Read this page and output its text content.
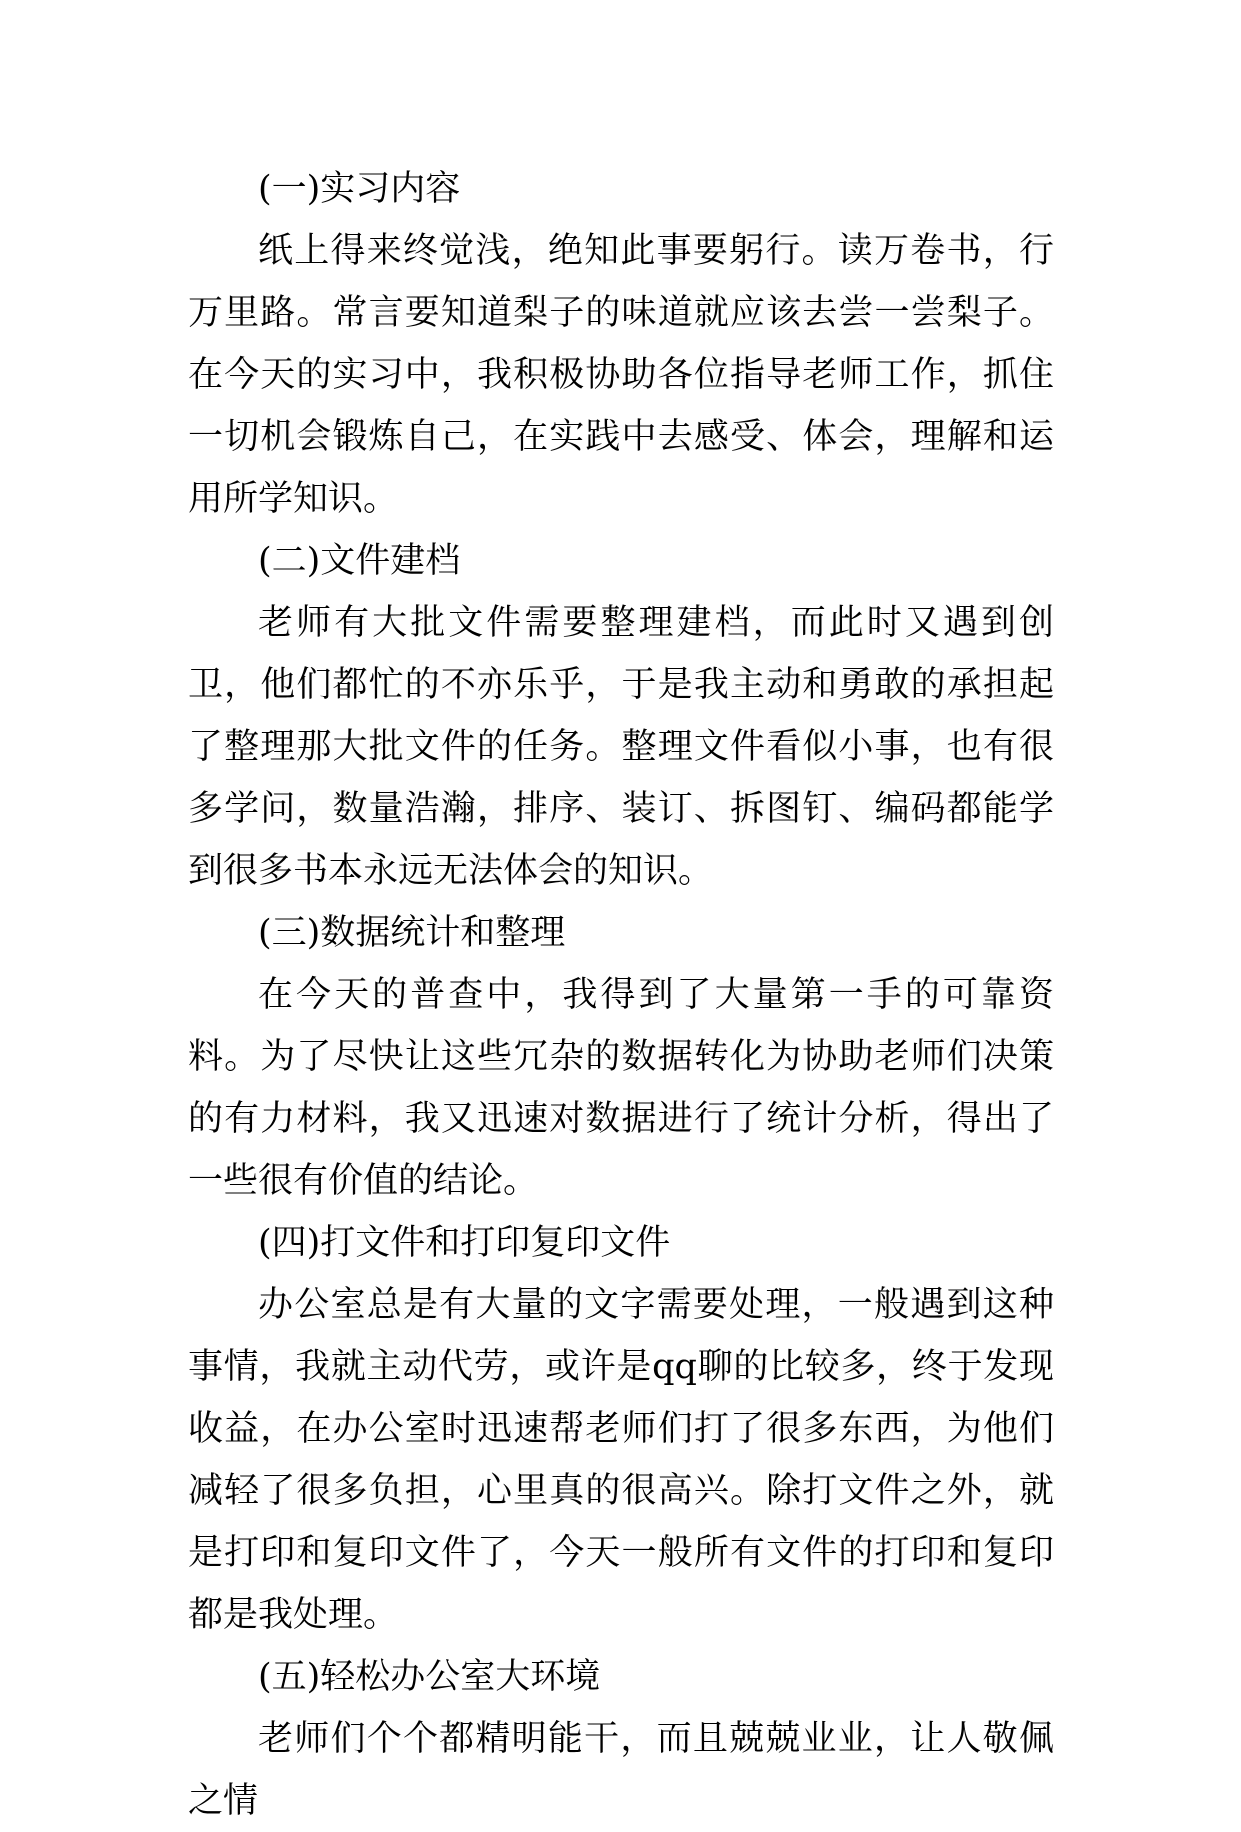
(一)实习内容

纸上得来终觉浅，绝知此事要躬行。读万卷书，行万里路。常言要知道梨子的味道就应该去尝一尝梨子。在今天的实习中，我积极协助各位指导老师工作，抓住一切机会锻炼自己，在实践中去感受、体会，理解和运用所学知识。

(二)文件建档

老师有大批文件需要整理建档，而此时又遇到创卫，他们都忙的不亦乐乎，于是我主动和勇敢的承担起了整理那大批文件的任务。整理文件看似小事，也有很多学问，数量浩瀚，排序、装订、拆图钉、编码都能学到很多书本永远无法体会的知识。

(三)数据统计和整理

在今天的普查中，我得到了大量第一手的可靠资料。为了尽快让这些冗杂的数据转化为协助老师们决策的有力材料，我又迅速对数据进行了统计分析，得出了一些很有价值的结论。

(四)打文件和打印复印文件

办公室总是有大量的文字需要处理，一般遇到这种事情，我就主动代劳，或许是qq聊的比较多，终于发现收益，在办公室时迅速帮老师们打了很多东西，为他们减轻了很多负担，心里真的很高兴。除打文件之外，就是打印和复印文件了，今天一般所有文件的打印和复印都是我处理。

(五)轻松办公室大环境

老师们个个都精明能干，而且兢兢业业，让人敬佩之情
